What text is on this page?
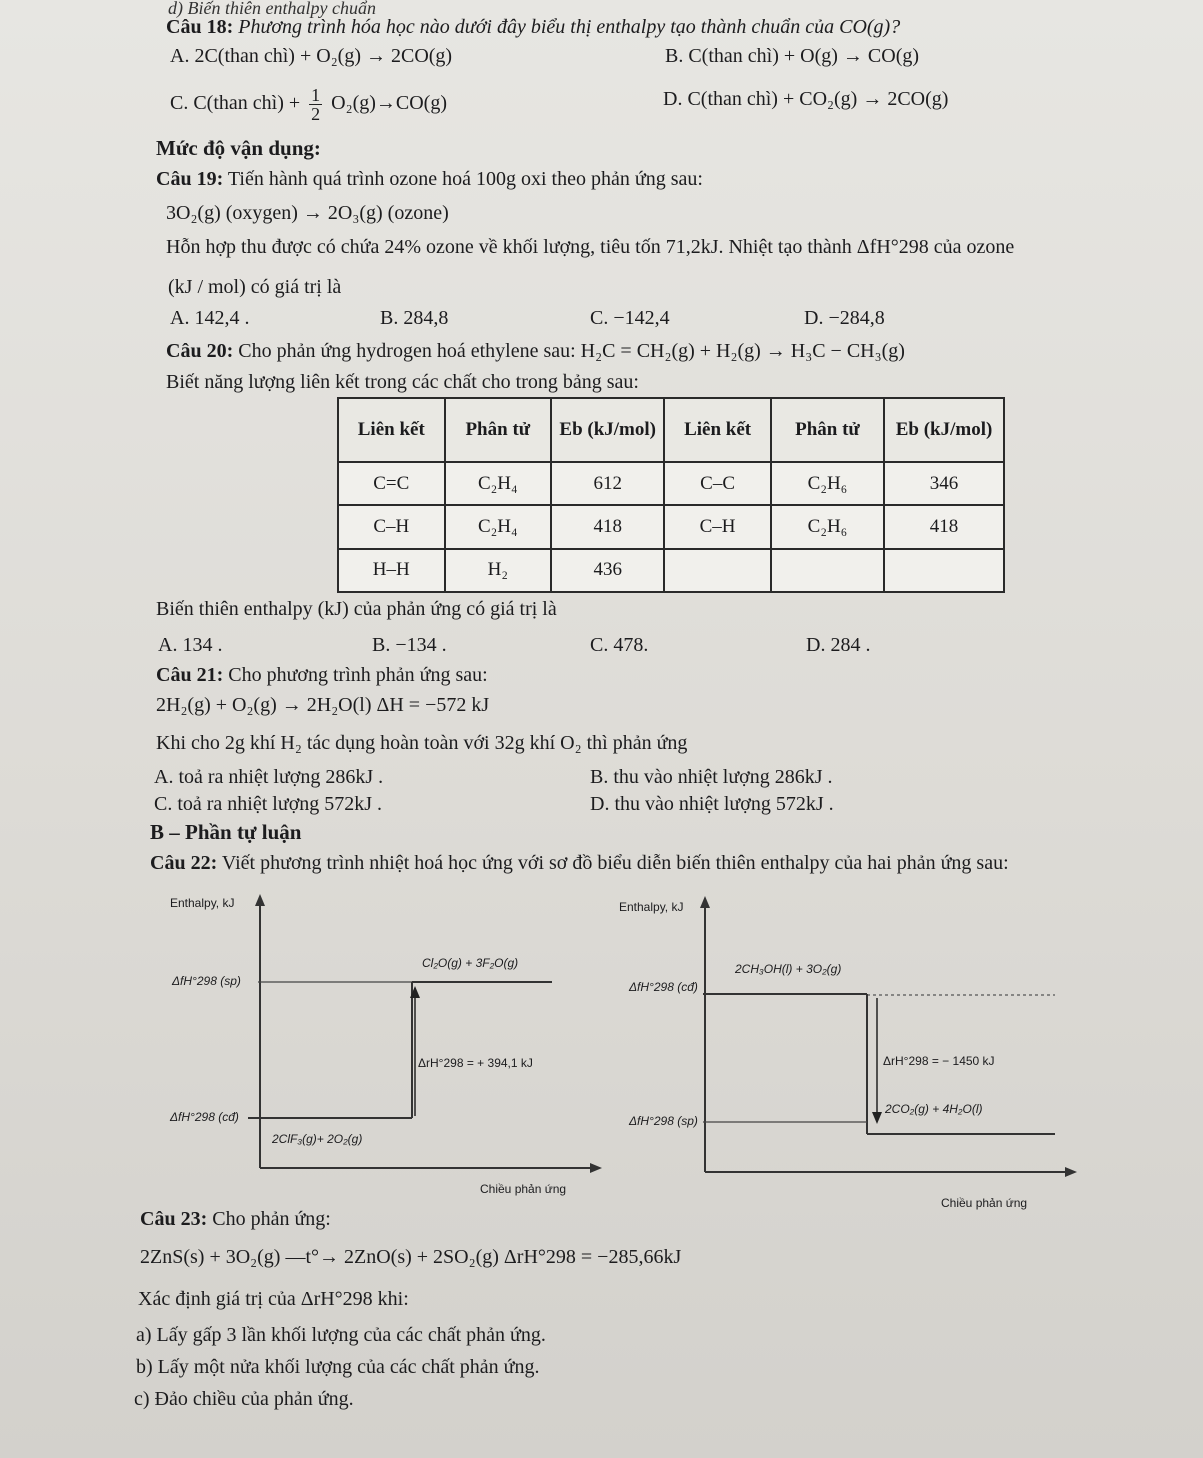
d) Biến thiên enthalpy chuẩn
Câu 18: Phương trình hóa học nào dưới đây biểu thị enthalpy tạo thành chuẩn của CO(g)?
A. 2C(than chì) + O₂(g) → 2CO(g)	B. C(than chì) + O(g) → CO(g)
C. C(than chì) + $\frac{1}{2} O_2(g)\to CO(g)$	D. C(than chì) + CO₂(g) → 2CO(g)
Mức độ vận dụng:
Câu 19: Tiến hành quá trình ozone hoá 100g oxi theo phản ứng sau:
3O₂(g) (oxygen) → 2O₃(g) (ozone)
Hỗn hợp thu được có chứa 24% ozone về khối lượng, tiêu tốn 71,2kJ. Nhiệt tạo thành ΔfH°298 của ozone
(kJ / mol) có giá trị là
A. 142,4 .	B. 284,8	C. −142,4	D. −284,8
Câu 20: Cho phản ứng hydrogen hoá ethylene sau: H₂C = CH₂(g) + H₂(g) → H₃C − CH₃(g)
Biết năng lượng liên kết trong các chất cho trong bảng sau:
Liên kết	Phân tử	Eb (kJ/mol)	Liên kết	Phân tử	Eb (kJ/mol)
C=C	C₂H₄	612	C–C	C₂H₆	346
C–H	C₂H₄	418	C–H	C₂H₆	418
H–H	H₂	436			
Biến thiên enthalpy (kJ) của phản ứng có giá trị là
A. 134 .	B. −134 .	C. 478.	D. 284 .
Câu 21: Cho phương trình phản ứng sau:
2H₂(g) + O₂(g) → 2H₂O(l) ΔH = −572 kJ
Khi cho 2g khí H₂ tác dụng hoàn toàn với 32g khí O₂ thì phản ứng
A. toả ra nhiệt lượng 286kJ .	B. thu vào nhiệt lượng 286kJ .
C. toả ra nhiệt lượng 572kJ .	D. thu vào nhiệt lượng 572kJ .
B – Phần tự luận
Câu 22: Viết phương trình nhiệt hoá học ứng với sơ đồ biểu diễn biến thiên enthalpy của hai phản ứng sau:
Enthalpy, kJ
ΔfH°298 (sp)
Cl₂O(g) + 3F₂O(g)
ΔrH°298 = + 394,1 kJ
ΔfH°298 (cđ)
2ClF₃(g)+ 2O₂(g)
Chiều phản ứng
Enthalpy, kJ
ΔfH°298 (cđ)
2CH₃OH(l) + 3O₂(g)
ΔrH°298 = − 1450 kJ
2CO₂(g) + 4H₂O(l)
ΔfH°298 (sp)
Chiều phản ứng
Câu 23: Cho phản ứng:
2ZnS(s) + 3O₂(g) —t°→ 2ZnO(s) + 2SO₂(g) ΔrH°298 = −285,66kJ
Xác định giá trị của ΔrH°298 khi:
a) Lấy gấp 3 lần khối lượng của các chất phản ứng.
b) Lấy một nửa khối lượng của các chất phản ứng.
c) Đảo chiều của phản ứng.
